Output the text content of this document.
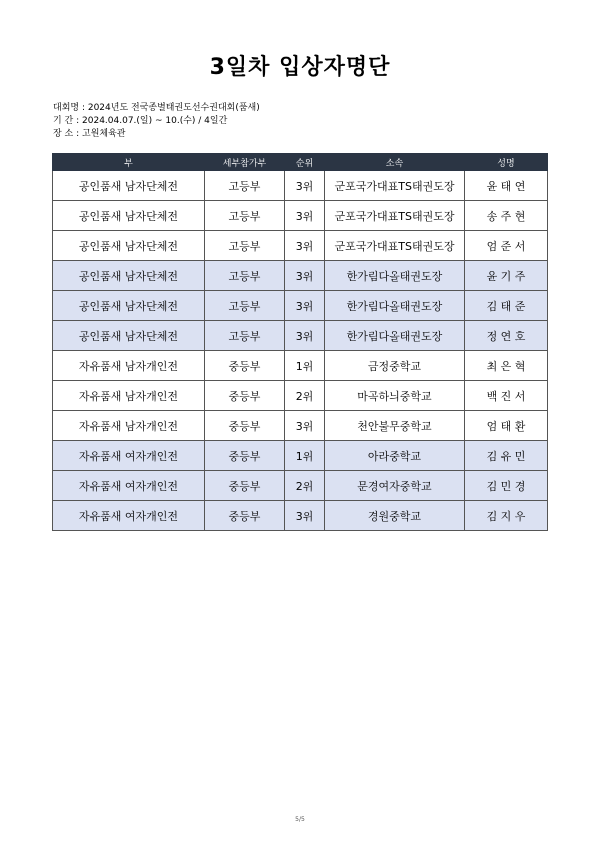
3일차 입상자명단
대회명 : 2024년도 전국종별태권도선수권대회(품새)
기 간 : 2024.04.07.(일) ~ 10.(수) / 4일간
장 소 : 고원체육관
부	세부참가부	순위	소속	성명
공인품새 남자단체전	고등부	3위	군포국가대표TS태권도장	윤 태 연
공인품새 남자단체전	고등부	3위	군포국가대표TS태권도장	송 주 현
공인품새 남자단체전	고등부	3위	군포국가대표TS태권도장	엄 준 서
공인품새 남자단체전	고등부	3위	한가림다올태권도장	윤 기 주
공인품새 남자단체전	고등부	3위	한가림다올태권도장	김 태 준
공인품새 남자단체전	고등부	3위	한가림다올태권도장	정 연 호
자유품새 남자개인전	중등부	1위	금정중학교	최 은 혁
자유품새 남자개인전	중등부	2위	마곡하늬중학교	백 진 서
자유품새 남자개인전	중등부	3위	천안불무중학교	엄 태 환
자유품새 여자개인전	중등부	1위	아라중학교	김 유 민
자유품새 여자개인전	중등부	2위	문경여자중학교	김 민 경
자유품새 여자개인전	중등부	3위	경원중학교	김 지 우
5/5
